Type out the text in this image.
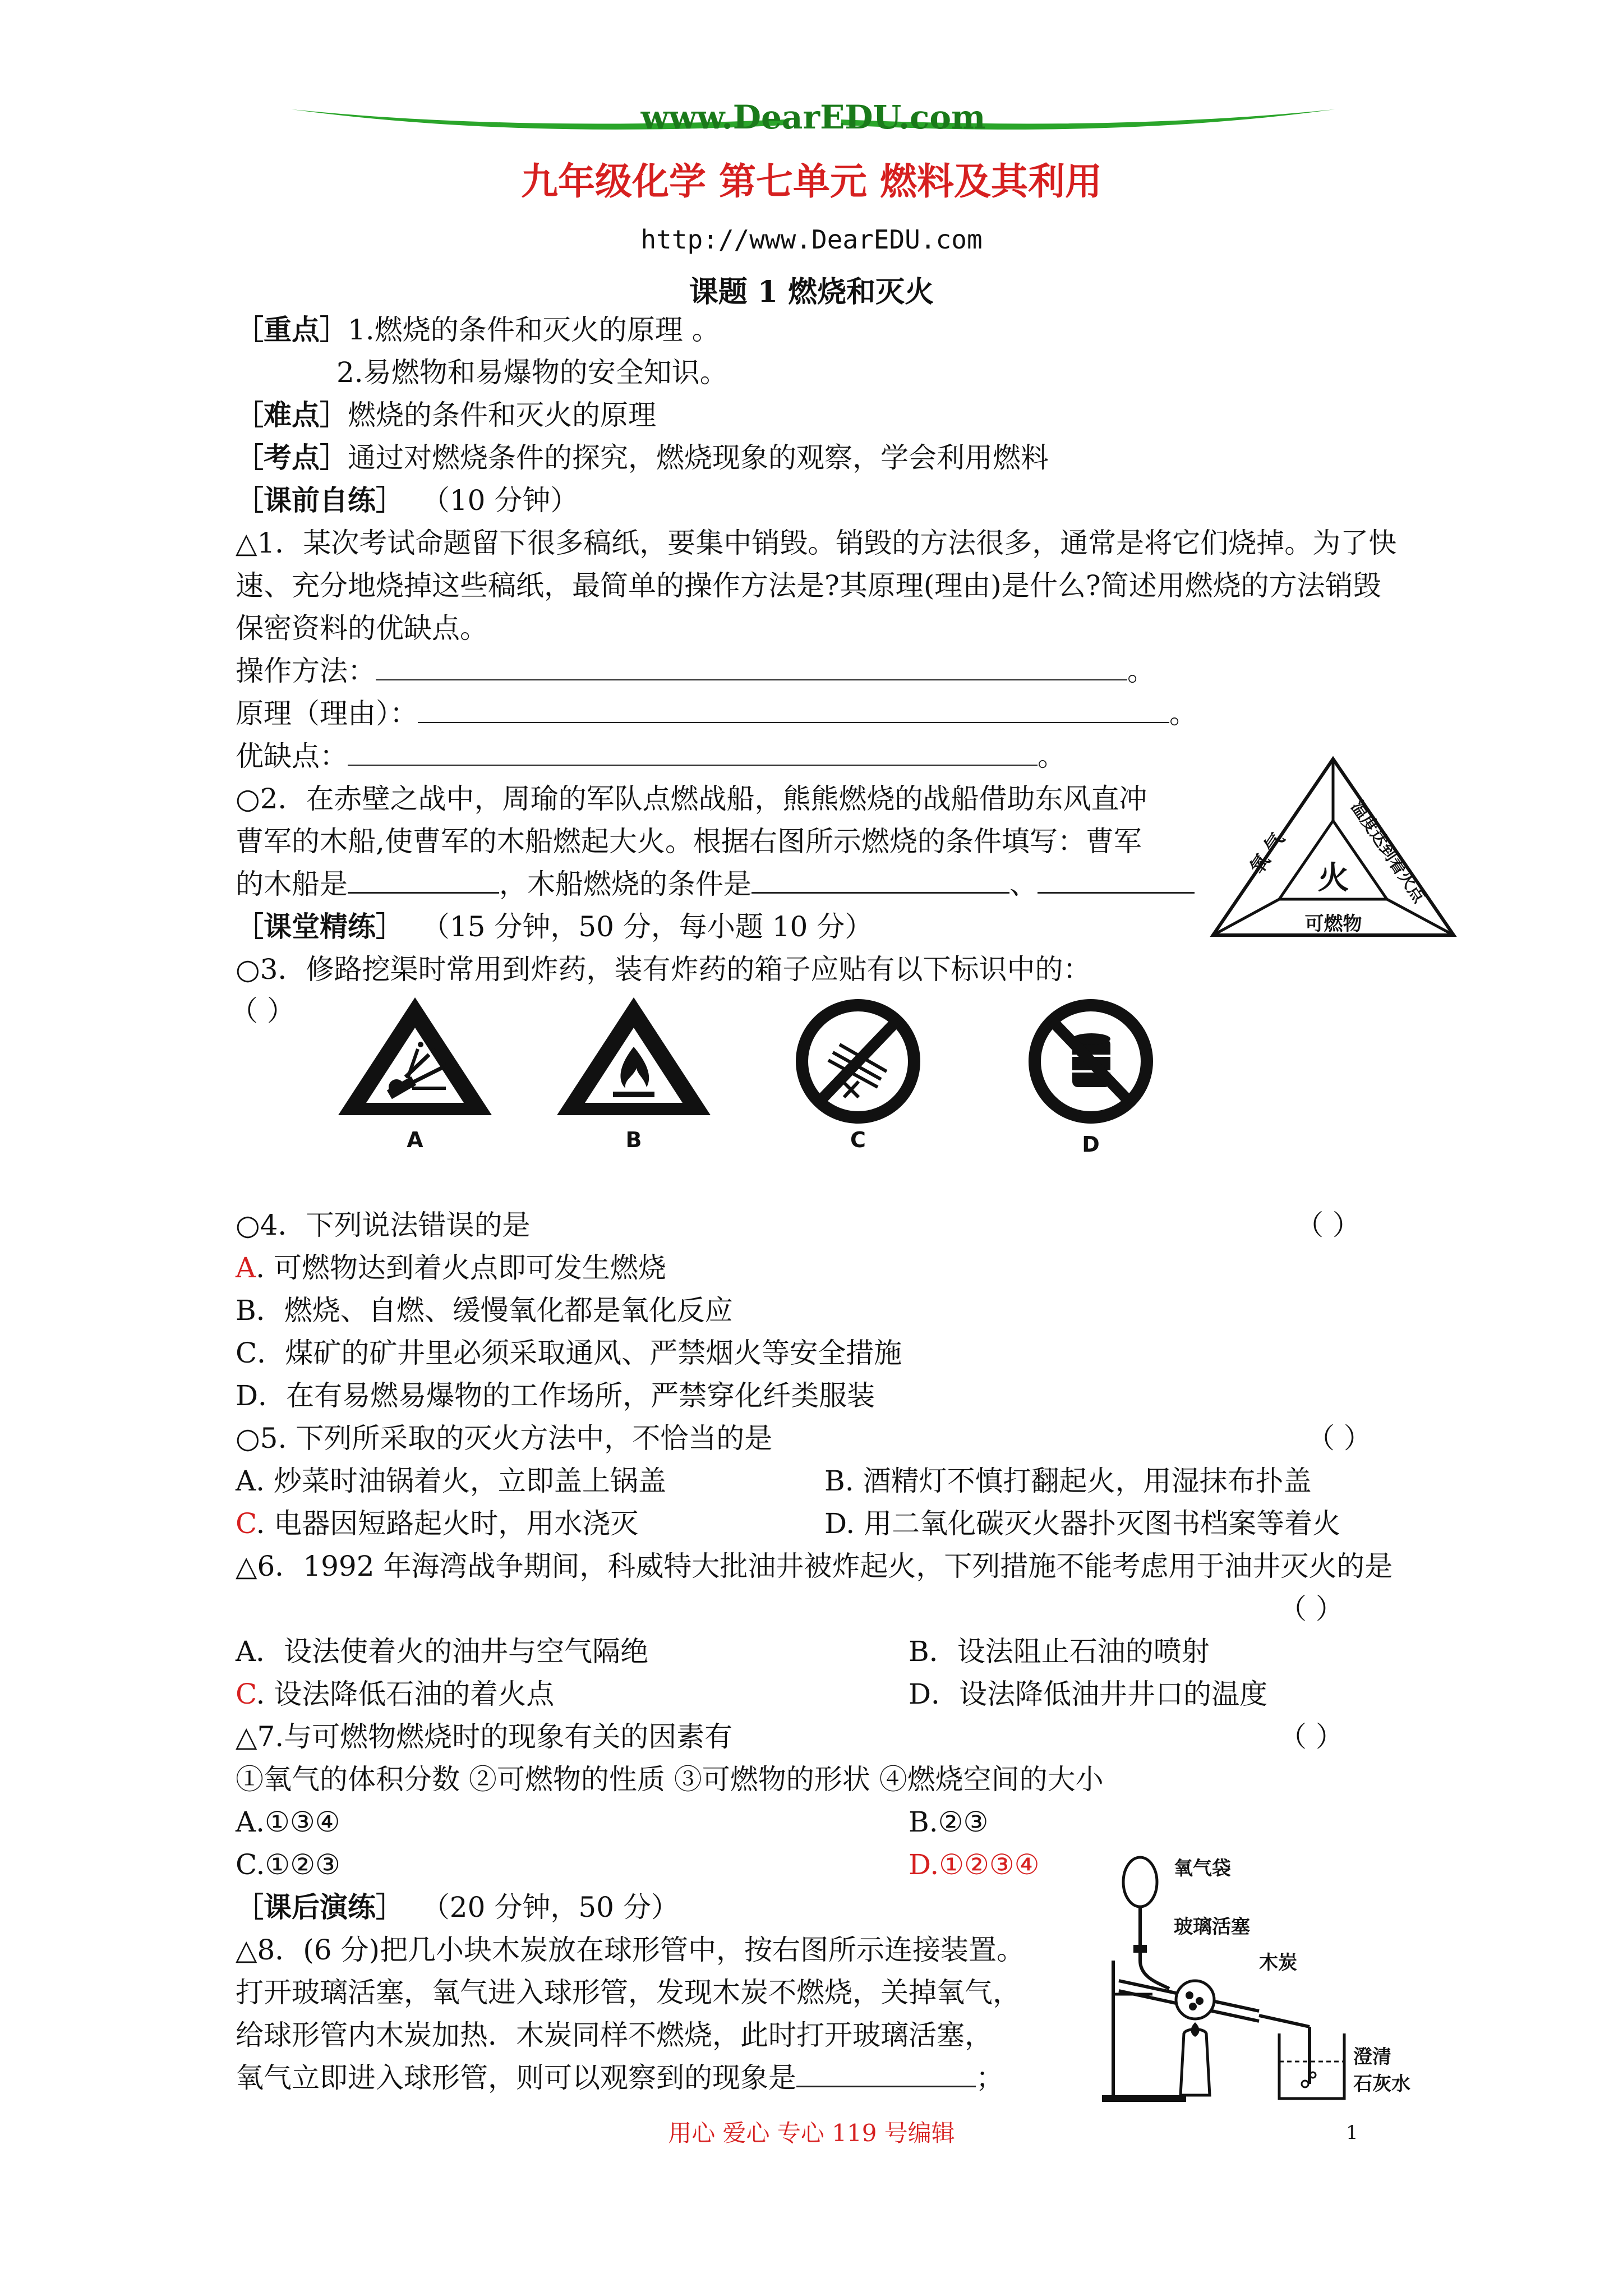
www.DearEDU.com
九年级化学 第七单元 燃料及其利用
http://www.DearEDU.com
课题 1 燃烧和灭火
［重点］1.燃烧的条件和灭火的原理 。
2.易燃物和易爆物的安全知识。
［难点］燃烧的条件和灭火的原理
［考点］通过对燃烧条件的探究，燃烧现象的观察，学会利用燃料
［课前自练］ （10 分钟）
△1．某次考试命题留下很多稿纸，要集中销毁。销毁的方法很多，通常是将它们烧掉。为了快
速、充分地烧掉这些稿纸，最简单的操作方法是?其原理(理由)是什么?简述用燃烧的方法销毁
保密资料的优缺点。
操作方法：	。
原理（理由）：	。
优缺点：	。
○2．在赤壁之战中，周瑜的军队点燃战船，熊熊燃烧的战船借助东风直冲
曹军的木船,使曹军的木船燃起大火。根据右图所示燃烧的条件填写：曹军
的木船是	，木船燃烧的条件是	、
氧 气	温度达到着火点
可燃物
火
［课堂精练］ （15 分钟，50 分，每小题 10 分）
○3．修路挖渠时常用到炸药，装有炸药的箱子应贴有以下标识中的：
（ ）
A	B	C	D
○4．下列说法错误的是	（ ）
A. 可燃物达到着火点即可发生燃烧
B．燃烧、自燃、缓慢氧化都是氧化反应
C．煤矿的矿井里必须采取通风、严禁烟火等安全措施
D．在有易燃易爆物的工作场所，严禁穿化纤类服装
○5. 下列所采取的灭火方法中，不恰当的是	（ ）
A. 炒菜时油锅着火，立即盖上锅盖	B. 酒精灯不慎打翻起火，用湿抹布扑盖
C. 电器因短路起火时，用水浇灭	D. 用二氧化碳灭火器扑灭图书档案等着火
△6．1992 年海湾战争期间，科威特大批油井被炸起火，下列措施不能考虑用于油井灭火的是
（ ）
A．设法使着火的油井与空气隔绝	B．设法阻止石油的喷射
C. 设法降低石油的着火点	D．设法降低油井井口的温度
△7.与可燃物燃烧时的现象有关的因素有	（ ）
①氧气的体积分数 ②可燃物的性质 ③可燃物的形状 ④燃烧空间的大小
A.①③④	B.②③
C.①②③	D.①②③④
［课后演练］ （20 分钟，50 分）
△8．(6 分)把几小块木炭放在球形管中，按右图所示连接装置。
打开玻璃活塞，氧气进入球形管，发现木炭不燃烧，关掉氧气，
给球形管内木炭加热．木炭同样不燃烧，此时打开玻璃活塞，
氧气立即进入球形管，则可以观察到的现象是	；
氧气袋
玻璃活塞
木炭
澄清
石灰水
用心 爱心 专心 119 号编辑	1
